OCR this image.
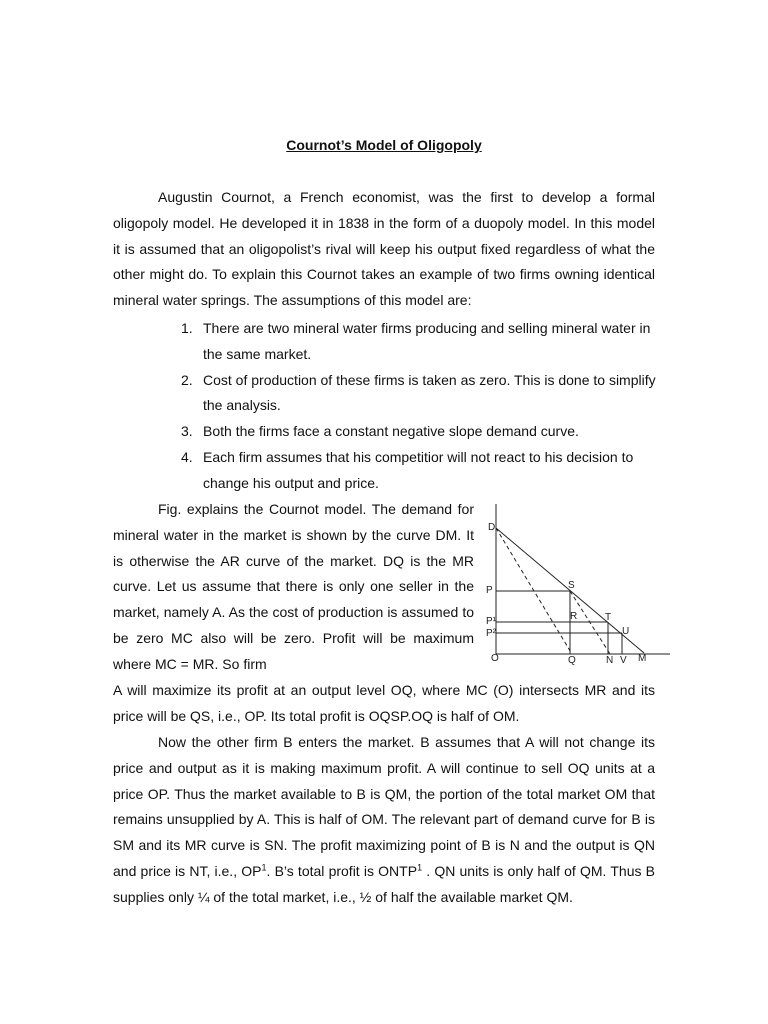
Cournot’s Model of Oligopoly

Augustin Cournot, a French economist, was the first to develop a formal oligopoly model. He developed it in 1838 in the form of a duopoly model. In this model it is assumed that an oligopolist’s rival will keep his output fixed regardless of what the other might do. To explain this Cournot takes an example of two firms owning identical mineral water springs. The assumptions of this model are:

1. There are two mineral water firms producing and selling mineral water in the same market.
2. Cost of production of these firms is taken as zero. This is done to simplify the analysis.
3. Both the firms face a constant negative slope demand curve.
4. Each firm assumes that his competitior will not react to his decision to change his output and price.

Fig. explains the Cournot model. The demand for mineral water in the market is shown by the curve DM. It is otherwise the AR curve of the market. DQ is the MR curve. Let us assume that there is only one seller in the market, namely A. As the cost of production is assumed to be zero MC also will be zero. Profit will be maximum where MC = MR. So firm

A will maximize its profit at an output level OQ, where MC (O) intersects MR and its price will be QS, i.e., OP. Its total profit is OQSP.OQ is half of OM.

Now the other firm B enters the market. B assumes that A will not change its price and output as it is making maximum profit. A will continue to sell OQ units at a price OP. Thus the market available to B is QM, the portion of the total market OM that remains unsupplied by A. This is half of OM. The relevant part of demand curve for B is SM and its MR curve is SN. The profit maximizing point of B is N and the output is QN and price is NT, i.e., $OP^1$. B’s total profit is ONTP$^1$ . QN units is only half of QM. Thus B supplies only ¼ of the total market, i.e., ½ of half the available market QM.

D
P
P¹
P²
O
S
R	T
U
Q	N V M
